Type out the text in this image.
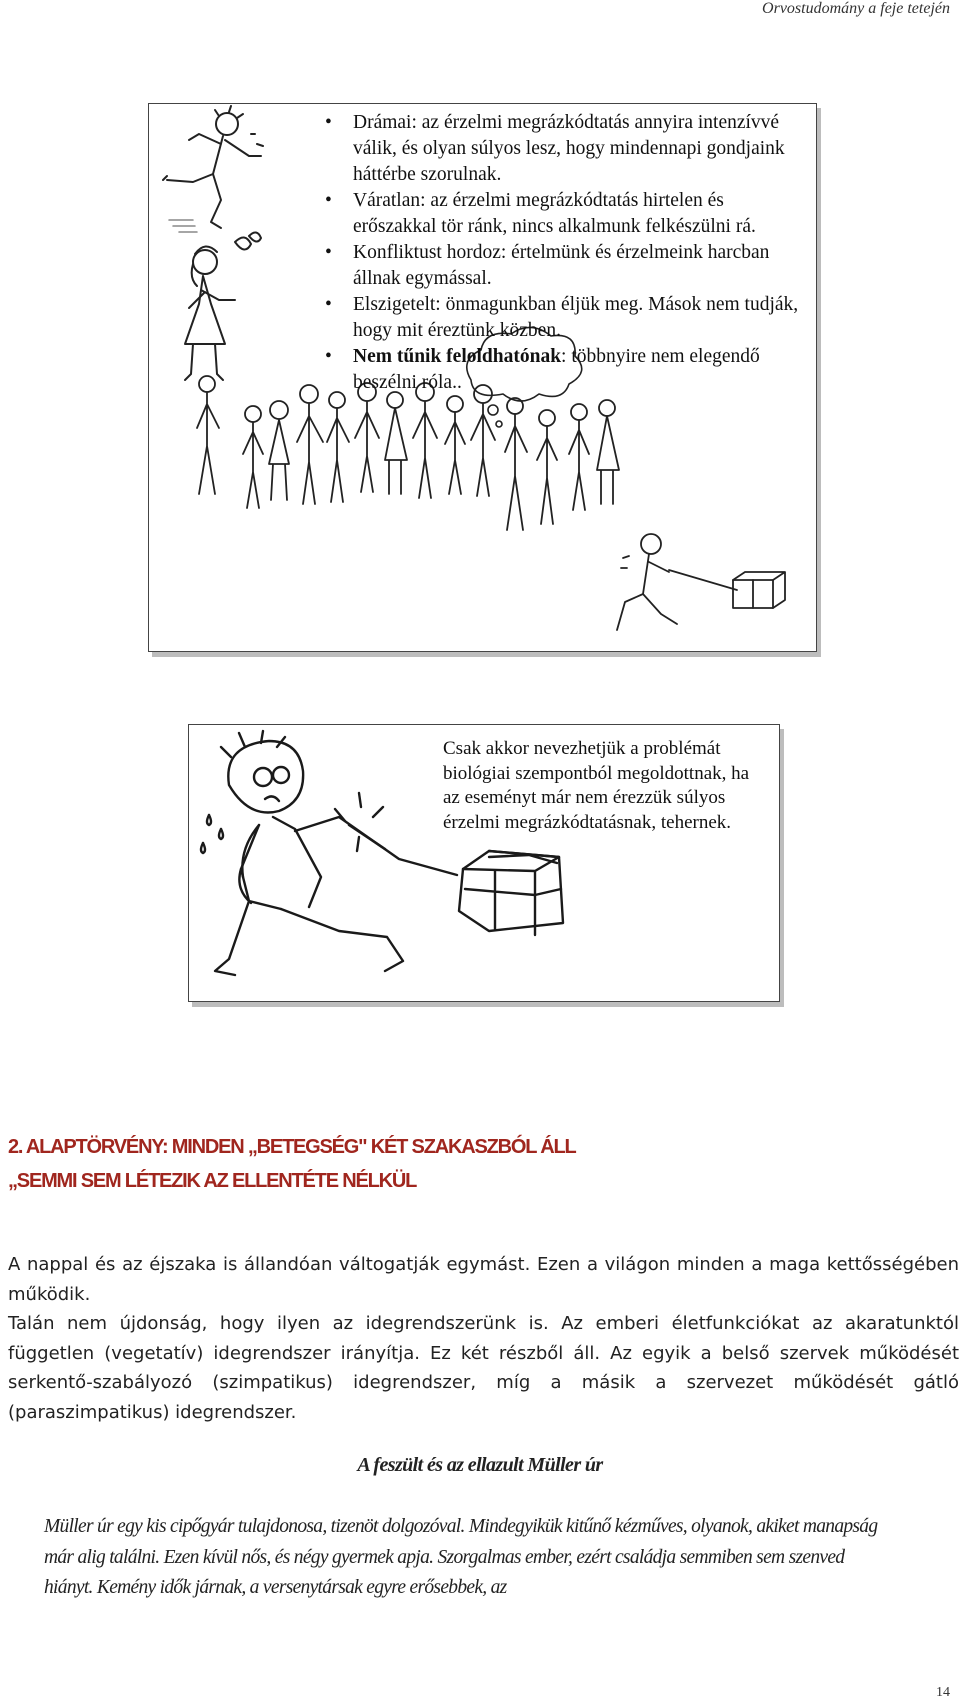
Orvostudomány a feje tetején
• Drámai: az érzelmi megrázkódtatás annyira intenzívvé válik, és olyan súlyos lesz, hogy mindennapi gondjaink háttérbe szorulnak.
• Váratlan: az érzelmi megrázkódtatás hirtelen és erőszakkal tör ránk, nincs alkalmunk felkészülni rá.
• Konfliktust hordoz: értelmünk és érzelmeink harcban állnak egymással.
• Elszigetelt: önmagunkban éljük meg. Mások nem tudják, hogy mit éreztünk közben.
• Nem tűnik feloldhatónak: többnyire nem elegendő beszélni róla..

Csak akkor nevezhetjük a problémát biológiai szempontból megoldottnak, ha az eseményt már nem érezzük súlyos érzelmi megrázkódtatásnak, tehernek.

2. ALAPTÖRVÉNY: MINDEN „BETEGSÉG" KÉT SZAKASZBÓL ÁLL
„SEMMI SEM LÉTEZIK AZ ELLENTÉTE NÉLKÜL

A nappal és az éjszaka is állandóan váltogatják egymást. Ezen a világon minden a maga kettősségében működik.

Talán nem újdonság, hogy ilyen az idegrendszerünk is. Az emberi életfunkciókat az akaratunktól független (vegetatív) idegrendszer irányítja. Ez két részből áll. Az egyik a belső szervek működését serkentő-szabályozó (szimpatikus) idegrendszer, míg a másik a szervezet működését gátló (paraszimpatikus) idegrendszer.

A feszült és az ellazult Müller úr

Müller úr egy kis cipőgyár tulajdonosa, tizenöt dolgozóval. Mindegyikük kitűnő kézműves, olyanok, akiket manapság már alig találni. Ezen kívül nős, és négy gyermek apja. Szorgalmas ember, ezért családja semmiben sem szenved hiányt. Kemény idők járnak, a versenytársak egyre erősebbek, az

14
